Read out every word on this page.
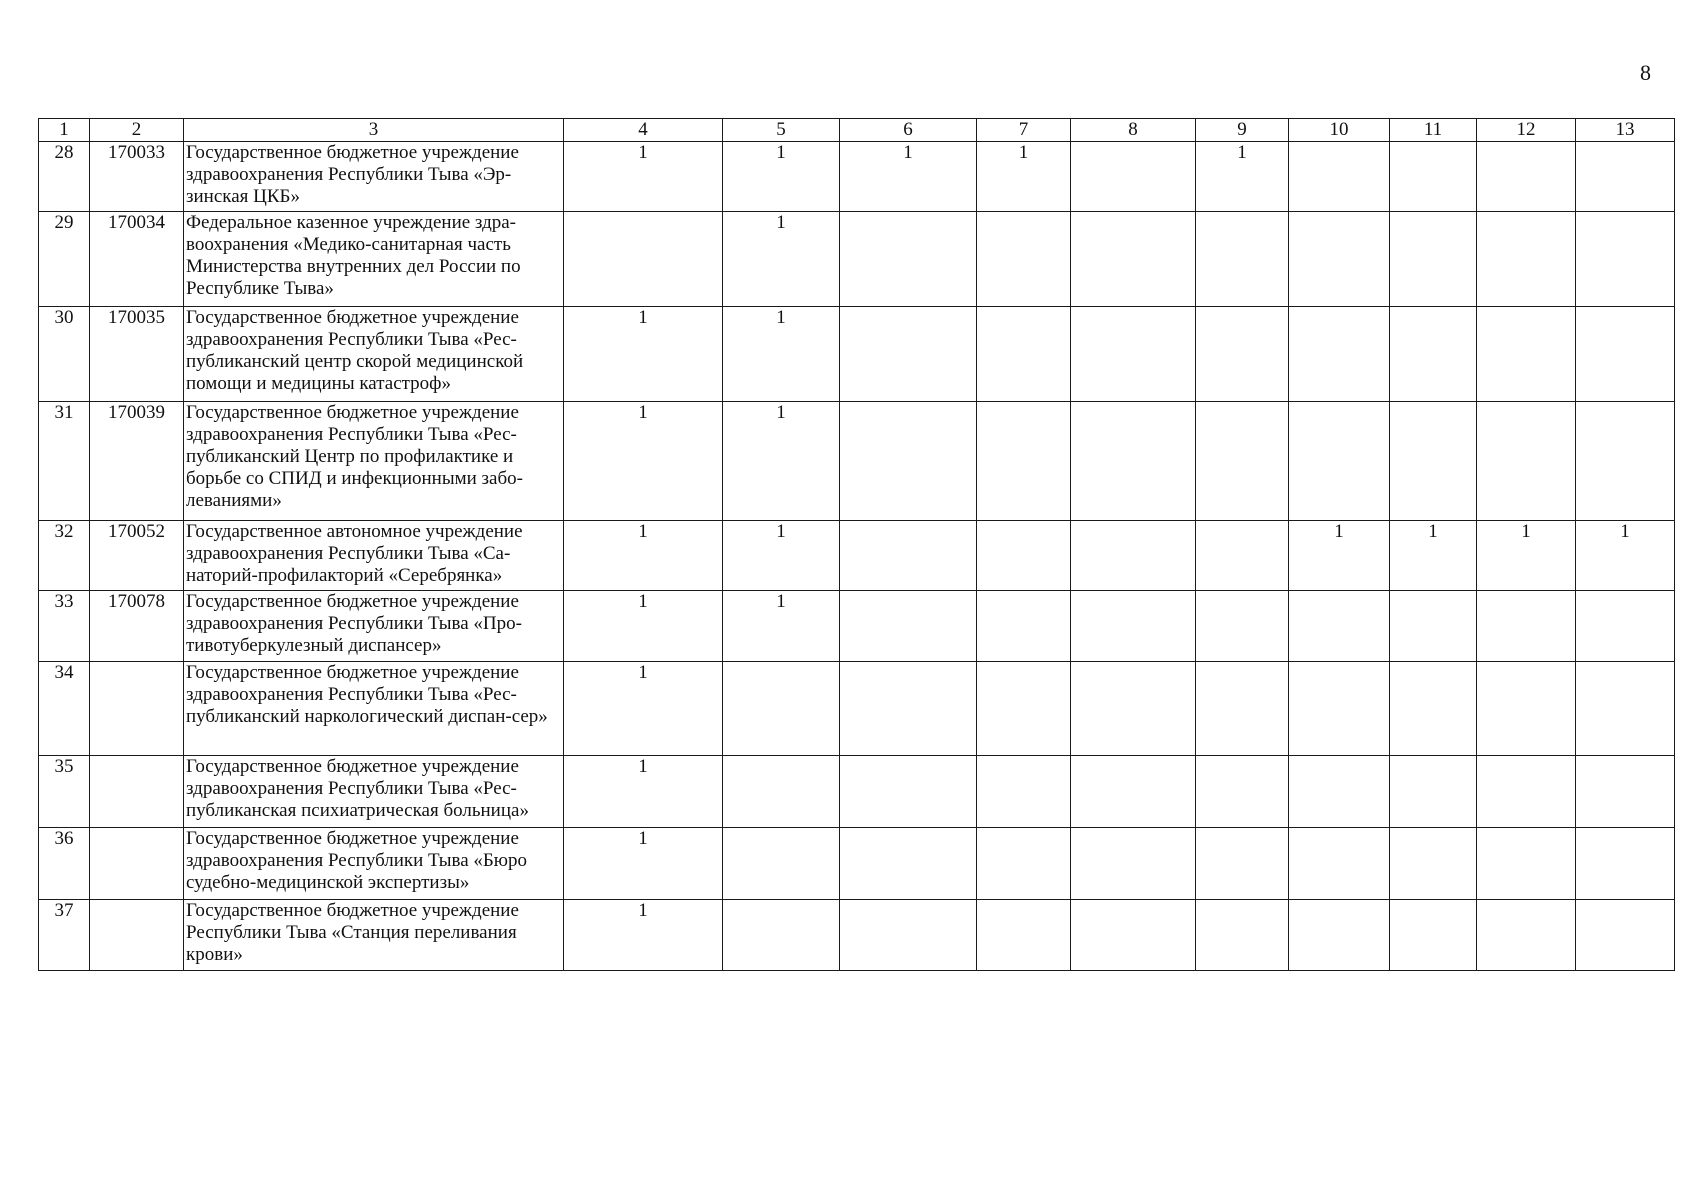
8
1	2	3	4	5	6	7	8	9	10	11	12	13
28	170033	Государственное бюджетное учреждение здравоохранения Республики Тыва «Эр-зинская ЦКБ»	1	1	1	1		1				
29	170034	Федеральное казенное учреждение здра-воохранения «Медико-санитарная часть Министерства внутренних дел России по Республике Тыва»		1								
30	170035	Государственное бюджетное учреждение здравоохранения Республики Тыва «Рес-публиканский центр скорой медицинской помощи и медицины катастроф»	1	1								
31	170039	Государственное бюджетное учреждение здравоохранения Республики Тыва «Рес-публиканский Центр по профилактике и борьбе со СПИД и инфекционными забо-леваниями»	1	1								
32	170052	Государственное автономное учреждение здравоохранения Республики Тыва «Са-наторий-профилакторий «Серебрянка»	1	1					1	1	1	1
33	170078	Государственное бюджетное учреждение здравоохранения Республики Тыва «Про-тивотуберкулезный диспансер»	1	1								
34		Государственное бюджетное учреждение здравоохранения Республики Тыва «Рес-публиканский наркологический диспан-сер»	1									
35		Государственное бюджетное учреждение здравоохранения Республики Тыва «Рес-публиканская психиатрическая больница»	1									
36		Государственное бюджетное учреждение здравоохранения Республики Тыва «Бюро судебно-медицинской экспертизы»	1									
37		Государственное бюджетное учреждение Республики Тыва «Станция переливания крови»	1									
